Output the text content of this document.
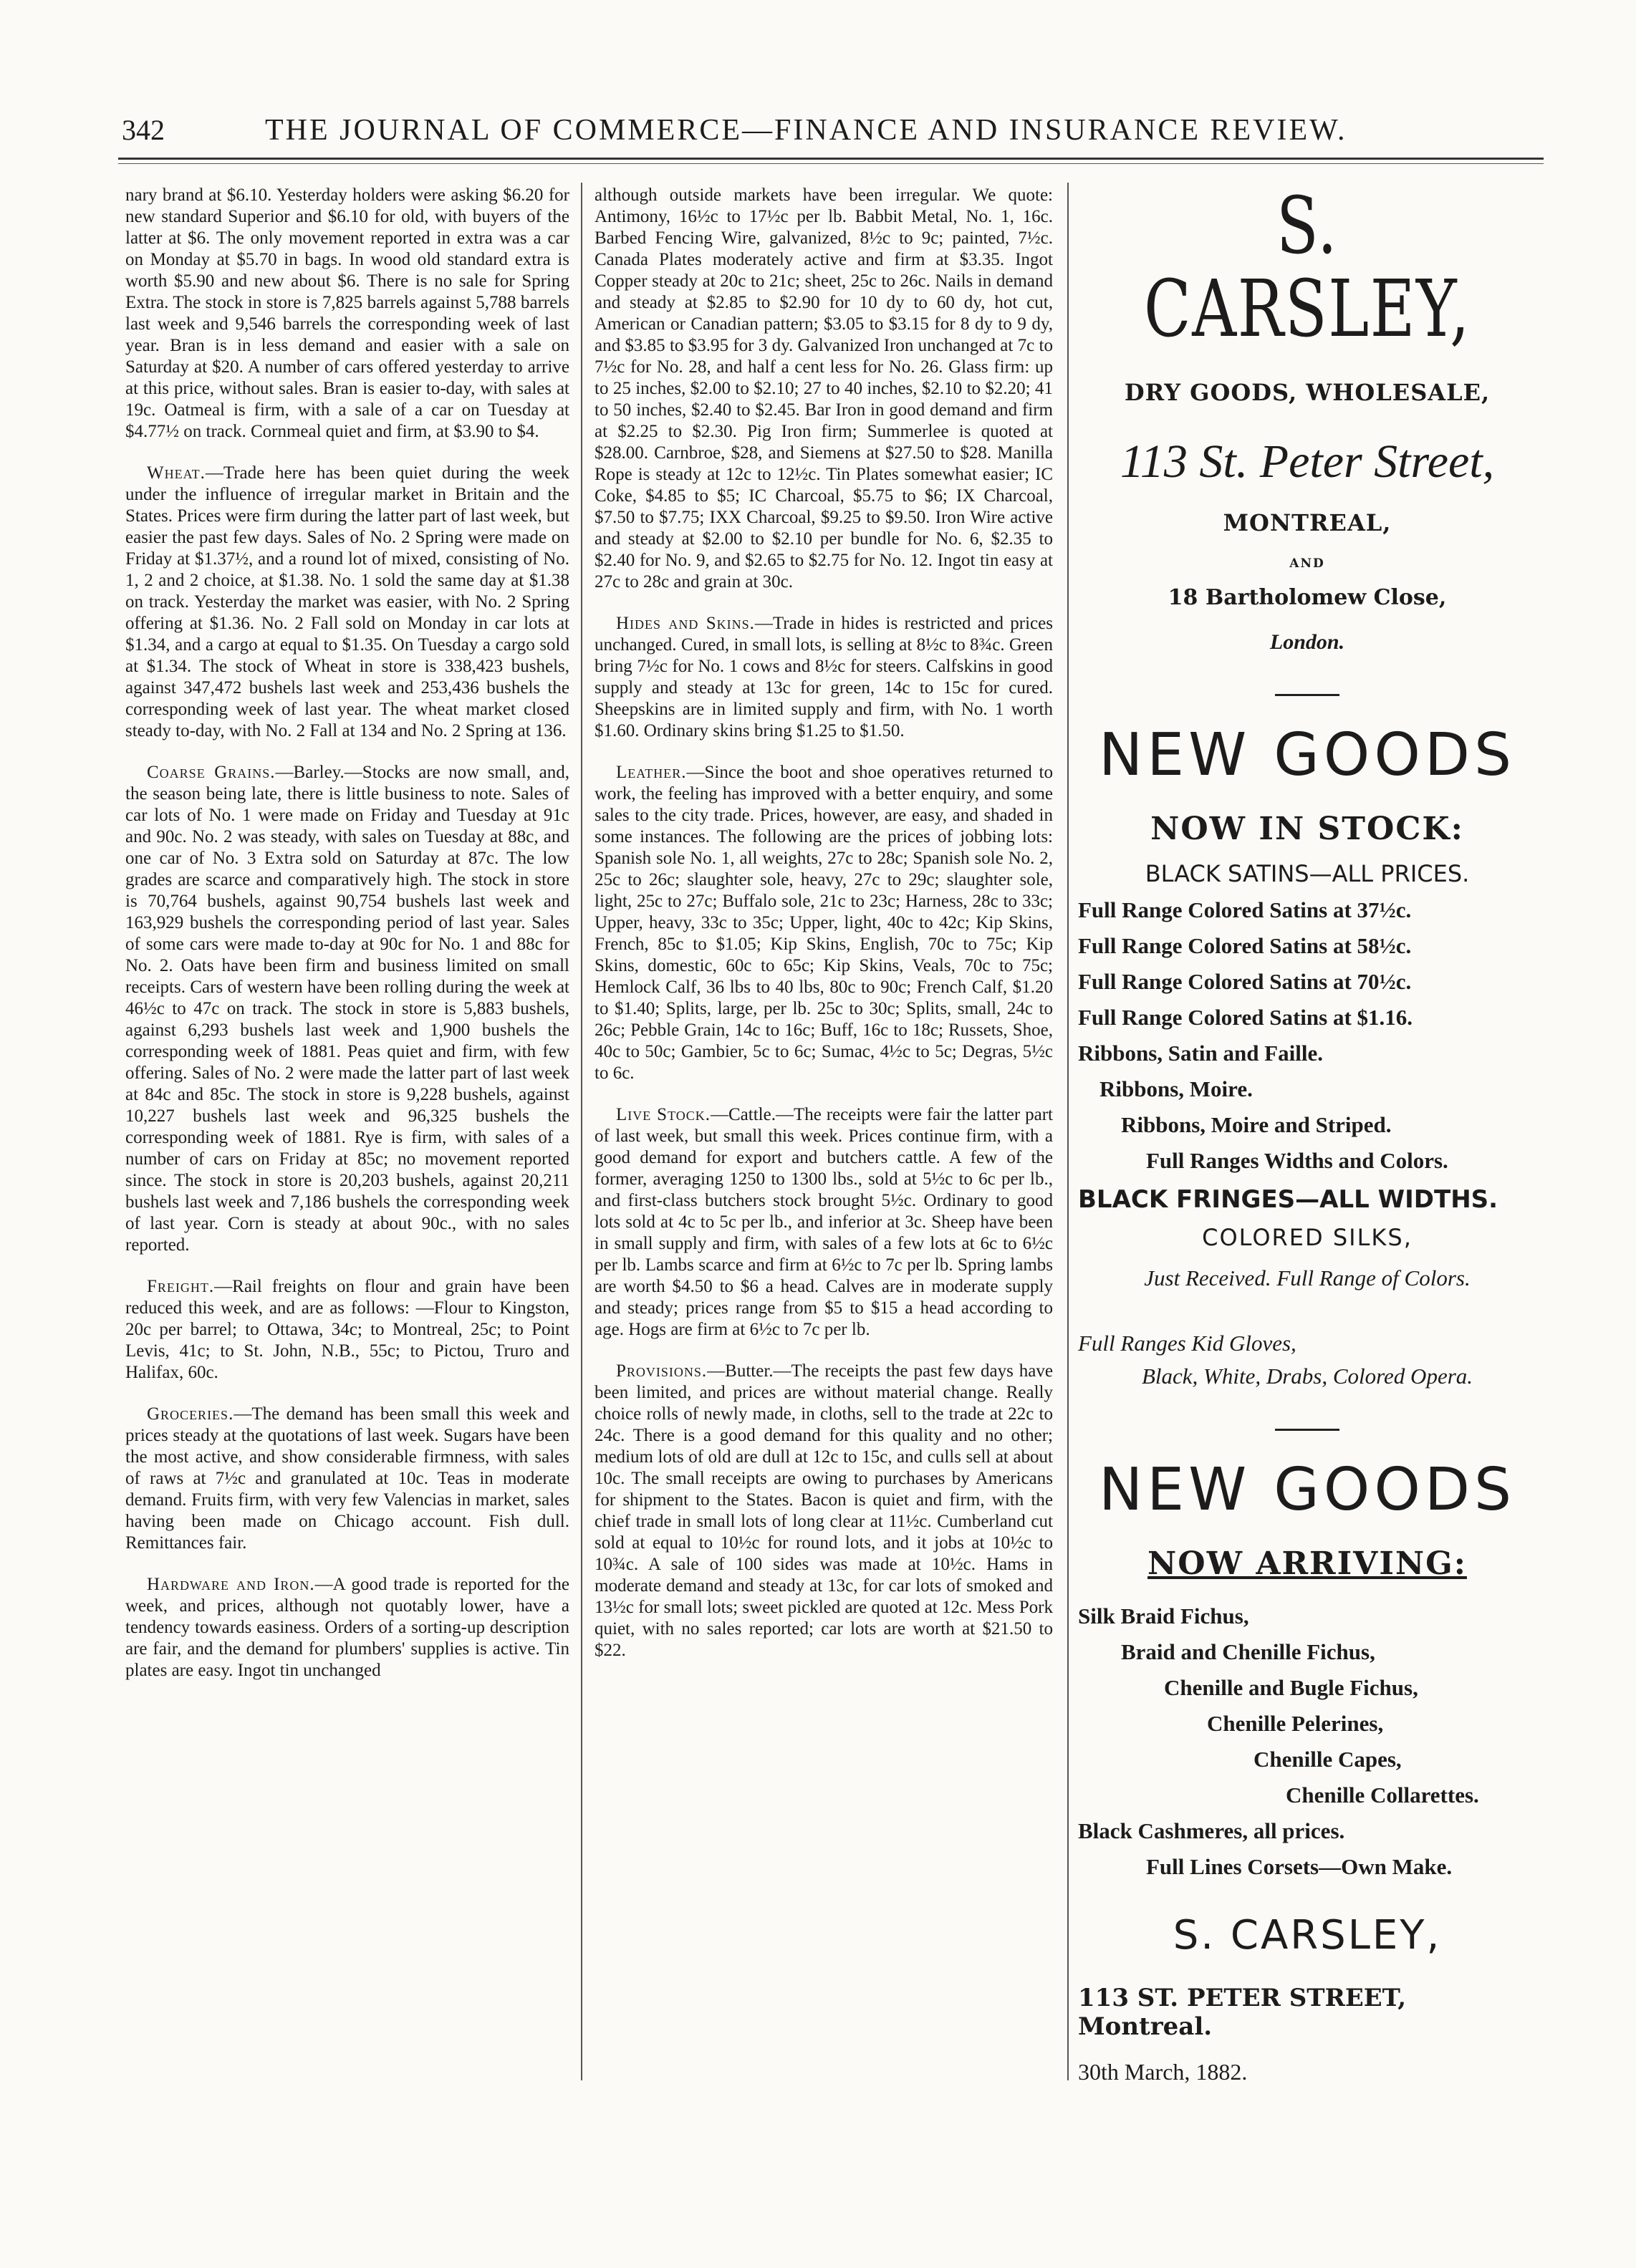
342	THE JOURNAL OF COMMERCE—FINANCE AND INSURANCE REVIEW.

nary brand at $6.10. Yesterday holders were asking $6.20 for new standard Superior and $6.10 for old, with buyers of the latter at $6. The only movement reported in extra was a car on Monday at $5.70 in bags. In wood old standard extra is worth $5.90 and new about $6. There is no sale for Spring Extra. The stock in store is 7,825 barrels against 5,788 barrels last week and 9,546 barrels the corresponding week of last year. Bran is in less demand and easier with a sale on Saturday at $20. A number of cars offered yesterday to arrive at this price, without sales. Bran is easier to-day, with sales at 19c. Oatmeal is firm, with a sale of a car on Tuesday at $4.77½ on track. Cornmeal quiet and firm, at $3.90 to $4.

Wheat.—Trade here has been quiet during the week under the influence of irregular market in Britain and the States. Prices were firm during the latter part of last week, but easier the past few days. Sales of No. 2 Spring were made on Friday at $1.37½, and a round lot of mixed, consisting of No. 1, 2 and 2 choice, at $1.38. No. 1 sold the same day at $1.38 on track. Yesterday the market was easier, with No. 2 Spring offering at $1.36. No. 2 Fall sold on Monday in car lots at $1.34, and a cargo at equal to $1.35. On Tuesday a cargo sold at $1.34. The stock of Wheat in store is 338,423 bushels, against 347,472 bushels last week and 253,436 bushels the corresponding week of last year. The wheat market closed steady to-day, with No. 2 Fall at 134 and No. 2 Spring at 136.

Coarse Grains.—Barley.—Stocks are now small, and, the season being late, there is little business to note. Sales of car lots of No. 1 were made on Friday and Tuesday at 91c and 90c. No. 2 was steady, with sales on Tuesday at 88c, and one car of No. 3 Extra sold on Saturday at 87c. The low grades are scarce and comparatively high. The stock in store is 70,764 bushels, against 90,754 bushels last week and 163,929 bushels the corresponding period of last year. Sales of some cars were made to-day at 90c for No. 1 and 88c for No. 2. Oats have been firm and business limited on small receipts. Cars of western have been rolling during the week at 46½c to 47c on track. The stock in store is 5,883 bushels, against 6,293 bushels last week and 1,900 bushels the corresponding week of 1881. Peas quiet and firm, with few offering. Sales of No. 2 were made the latter part of last week at 84c and 85c. The stock in store is 9,228 bushels, against 10,227 bushels last week and 96,325 bushels the corresponding week of 1881. Rye is firm, with sales of a number of cars on Friday at 85c; no movement reported since. The stock in store is 20,203 bushels, against 20,211 bushels last week and 7,186 bushels the corresponding week of last year. Corn is steady at about 90c., with no sales reported.

Freight.—Rail freights on flour and grain have been reduced this week, and are as follows: —Flour to Kingston, 20c per barrel; to Ottawa, 34c; to Montreal, 25c; to Point Levis, 41c; to St. John, N.B., 55c; to Pictou, Truro and Halifax, 60c.

Groceries.—The demand has been small this week and prices steady at the quotations of last week. Sugars have been the most active, and show considerable firmness, with sales of raws at 7½c and granulated at 10c. Teas in moderate demand. Fruits firm, with very few Valencias in market, sales having been made on Chicago account. Fish dull. Remittances fair.

Hardware and Iron.—A good trade is reported for the week, and prices, although not quotably lower, have a tendency towards easiness. Orders of a sorting-up description are fair, and the demand for plumbers' supplies is active. Tin plates are easy. Ingot tin unchanged

although outside markets have been irregular. We quote: Antimony, 16½c to 17½c per lb. Babbit Metal, No. 1, 16c. Barbed Fencing Wire, galvanized, 8½c to 9c; painted, 7½c. Canada Plates moderately active and firm at $3.35. Ingot Copper steady at 20c to 21c; sheet, 25c to 26c. Nails in demand and steady at $2.85 to $2.90 for 10 dy to 60 dy, hot cut, American or Canadian pattern; $3.05 to $3.15 for 8 dy to 9 dy, and $3.85 to $3.95 for 3 dy. Galvanized Iron unchanged at 7c to 7½c for No. 28, and half a cent less for No. 26. Glass firm: up to 25 inches, $2.00 to $2.10; 27 to 40 inches, $2.10 to $2.20; 41 to 50 inches, $2.40 to $2.45. Bar Iron in good demand and firm at $2.25 to $2.30. Pig Iron firm; Summerlee is quoted at $28.00. Carnbroe, $28, and Siemens at $27.50 to $28. Manilla Rope is steady at 12c to 12½c. Tin Plates somewhat easier; IC Coke, $4.85 to $5; IC Charcoal, $5.75 to $6; IX Charcoal, $7.50 to $7.75; IXX Charcoal, $9.25 to $9.50. Iron Wire active and steady at $2.00 to $2.10 per bundle for No. 6, $2.35 to $2.40 for No. 9, and $2.65 to $2.75 for No. 12. Ingot tin easy at 27c to 28c and grain at 30c.

Hides and Skins.—Trade in hides is restricted and prices unchanged. Cured, in small lots, is selling at 8½c to 8¾c. Green bring 7½c for No. 1 cows and 8½c for steers. Calfskins in good supply and steady at 13c for green, 14c to 15c for cured. Sheepskins are in limited supply and firm, with No. 1 worth $1.60. Ordinary skins bring $1.25 to $1.50.

Leather.—Since the boot and shoe operatives returned to work, the feeling has improved with a better enquiry, and some sales to the city trade. Prices, however, are easy, and shaded in some instances. The following are the prices of jobbing lots: Spanish sole No. 1, all weights, 27c to 28c; Spanish sole No. 2, 25c to 26c; slaughter sole, heavy, 27c to 29c; slaughter sole, light, 25c to 27c; Buffalo sole, 21c to 23c; Harness, 28c to 33c; Upper, heavy, 33c to 35c; Upper, light, 40c to 42c; Kip Skins, French, 85c to $1.05; Kip Skins, English, 70c to 75c; Kip Skins, domestic, 60c to 65c; Kip Skins, Veals, 70c to 75c; Hemlock Calf, 36 lbs to 40 lbs, 80c to 90c; French Calf, $1.20 to $1.40; Splits, large, per lb. 25c to 30c; Splits, small, 24c to 26c; Pebble Grain, 14c to 16c; Buff, 16c to 18c; Russets, Shoe, 40c to 50c; Gambier, 5c to 6c; Sumac, 4½c to 5c; Degras, 5½c to 6c.

Live Stock.—Cattle.—The receipts were fair the latter part of last week, but small this week. Prices continue firm, with a good demand for export and butchers cattle. A few of the former, averaging 1250 to 1300 lbs., sold at 5½c to 6c per lb., and first-class butchers stock brought 5½c. Ordinary to good lots sold at 4c to 5c per lb., and inferior at 3c. Sheep have been in small supply and firm, with sales of a few lots at 6c to 6½c per lb. Lambs scarce and firm at 6½c to 7c per lb. Spring lambs are worth $4.50 to $6 a head. Calves are in moderate supply and steady; prices range from $5 to $15 a head according to age. Hogs are firm at 6½c to 7c per lb.

Provisions.—Butter.—The receipts the past few days have been limited, and prices are without material change. Really choice rolls of newly made, in cloths, sell to the trade at 22c to 24c. There is a good demand for this quality and no other; medium lots of old are dull at 12c to 15c, and culls sell at about 10c. The small receipts are owing to purchases by Americans for shipment to the States. Bacon is quiet and firm, with the chief trade in small lots of long clear at 11½c. Cumberland cut sold at equal to 10½c for round lots, and it jobs at 10½c to 10¾c. A sale of 100 sides was made at 10½c. Hams in moderate demand and steady at 13c, for car lots of smoked and 13½c for small lots; sweet pickled are quoted at 12c. Mess Pork quiet, with no sales reported; car lots are worth at $21.50 to $22.

S. CARSLEY,
DRY GOODS, WHOLESALE,
113 St. Peter Street,
MONTREAL,
AND
18 Bartholomew Close,
London.
NEW GOODS
NOW IN STOCK:
BLACK SATINS—ALL PRICES.
Full Range Colored Satins at 37½c.
Full Range Colored Satins at 58½c.
Full Range Colored Satins at 70½c.
Full Range Colored Satins at $1.16.
Ribbons, Satin and Faille.
Ribbons, Moire.
Ribbons, Moire and Striped.
Full Ranges Widths and Colors.
BLACK FRINGES—ALL WIDTHS.
COLORED SILKS,
Just Received. Full Range of Colors.
Full Ranges Kid Gloves,
Black, White, Drabs, Colored Opera.
NEW GOODS
NOW ARRIVING:
Silk Braid Fichus,
Braid and Chenille Fichus,
Chenille and Bugle Fichus,
Chenille Pelerines,
Chenille Capes,
Chenille Collarettes.
Black Cashmeres, all prices.
Full Lines Corsets—Own Make.
S. CARSLEY,
113 ST. PETER STREET, Montreal.
30th March, 1882.
